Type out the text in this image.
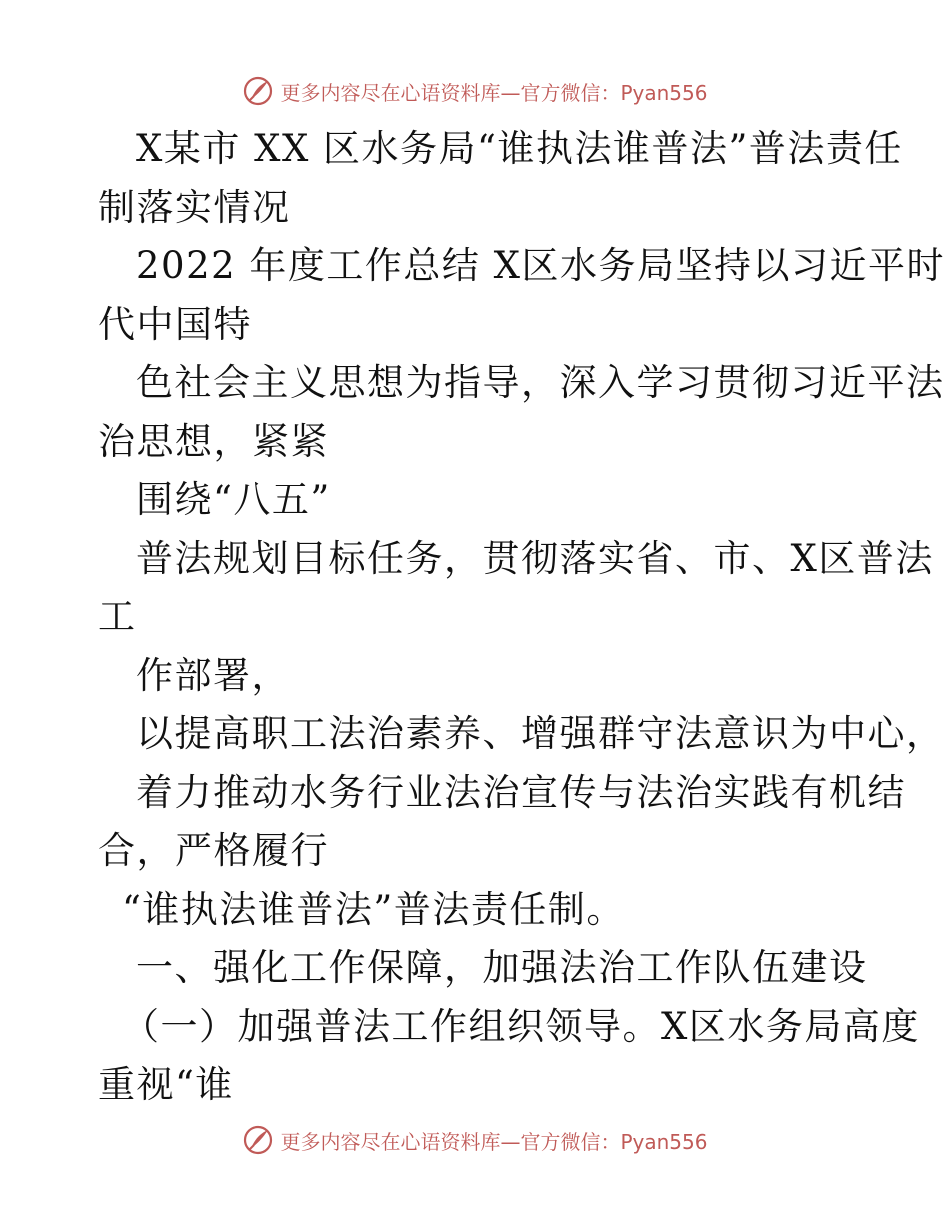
更多内容尽在心语资料库—官方微信：Pyan556
X某市 XX 区水务局“谁执法谁普法”普法责任
制落实情况
2022 年度工作总结 X区水务局坚持以习近平时
代中国特
色社会主义思想为指导，深入学习贯彻习近平法
治思想，紧紧
围绕“八五”
普法规划目标任务，贯彻落实省、市、X区普法
工
作部署，
以提高职工法治素养、增强群守法意识为中心，
着力推动水务行业法治宣传与法治实践有机结
合，严格履行
“谁执法谁普法”普法责任制。
一、强化工作保障，加强法治工作队伍建设
（一）加强普法工作组织领导。X区水务局高度
重视“谁
更多内容尽在心语资料库—官方微信：Pyan556
